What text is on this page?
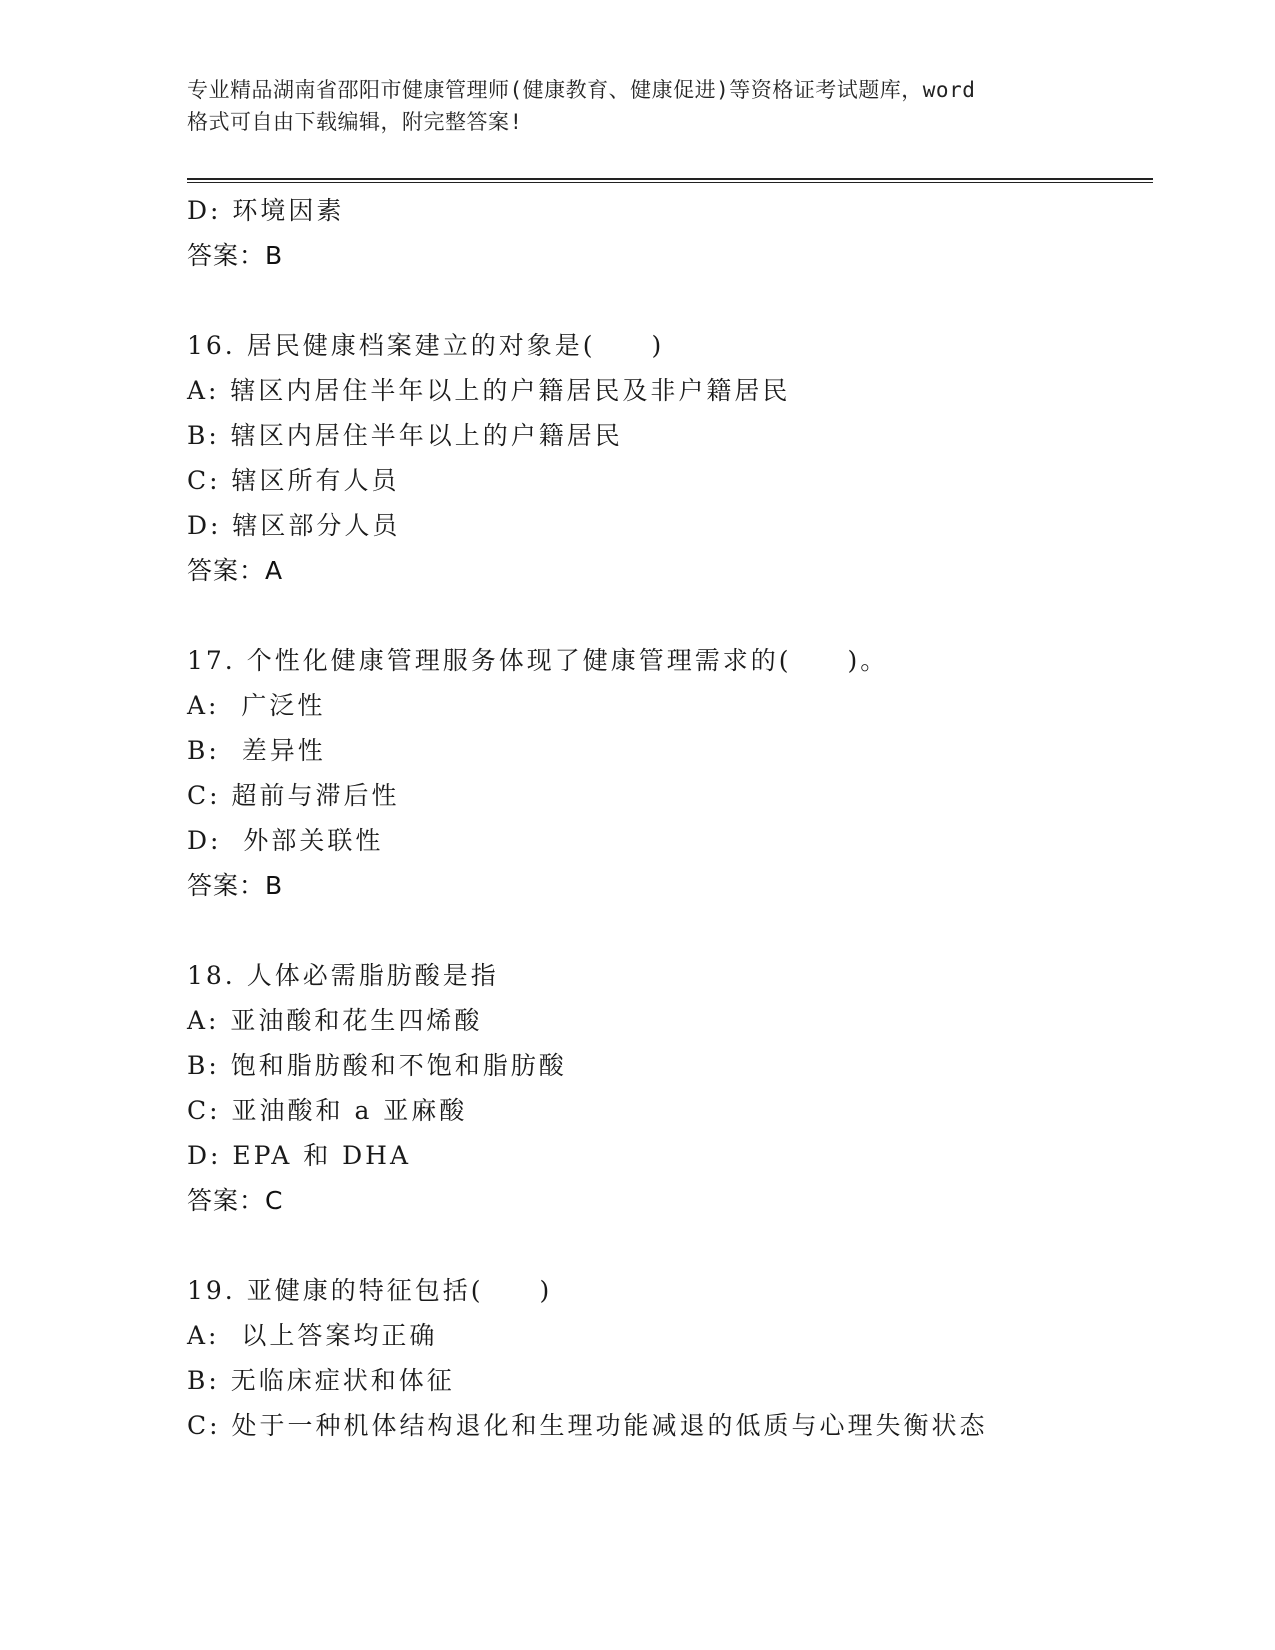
专业精品湖南省邵阳市健康管理师(健康教育、健康促进)等资格证考试题库，word
格式可自由下载编辑，附完整答案!
D: 环境因素
答案：B
16. 居民健康档案建立的对象是(　　)
A: 辖区内居住半年以上的户籍居民及非户籍居民
B: 辖区内居住半年以上的户籍居民
C: 辖区所有人员
D: 辖区部分人员
答案：A
17. 个性化健康管理服务体现了健康管理需求的(　　)。
A:  广泛性
B:  差异性
C: 超前与滞后性
D:  外部关联性
答案：B
18. 人体必需脂肪酸是指
A: 亚油酸和花生四烯酸
B: 饱和脂肪酸和不饱和脂肪酸
C: 亚油酸和 a 亚麻酸
D: EPA 和 DHA
答案：C
19. 亚健康的特征包括(　　)
A:  以上答案均正确
B: 无临床症状和体征
C: 处于一种机体结构退化和生理功能减退的低质与心理失衡状态
